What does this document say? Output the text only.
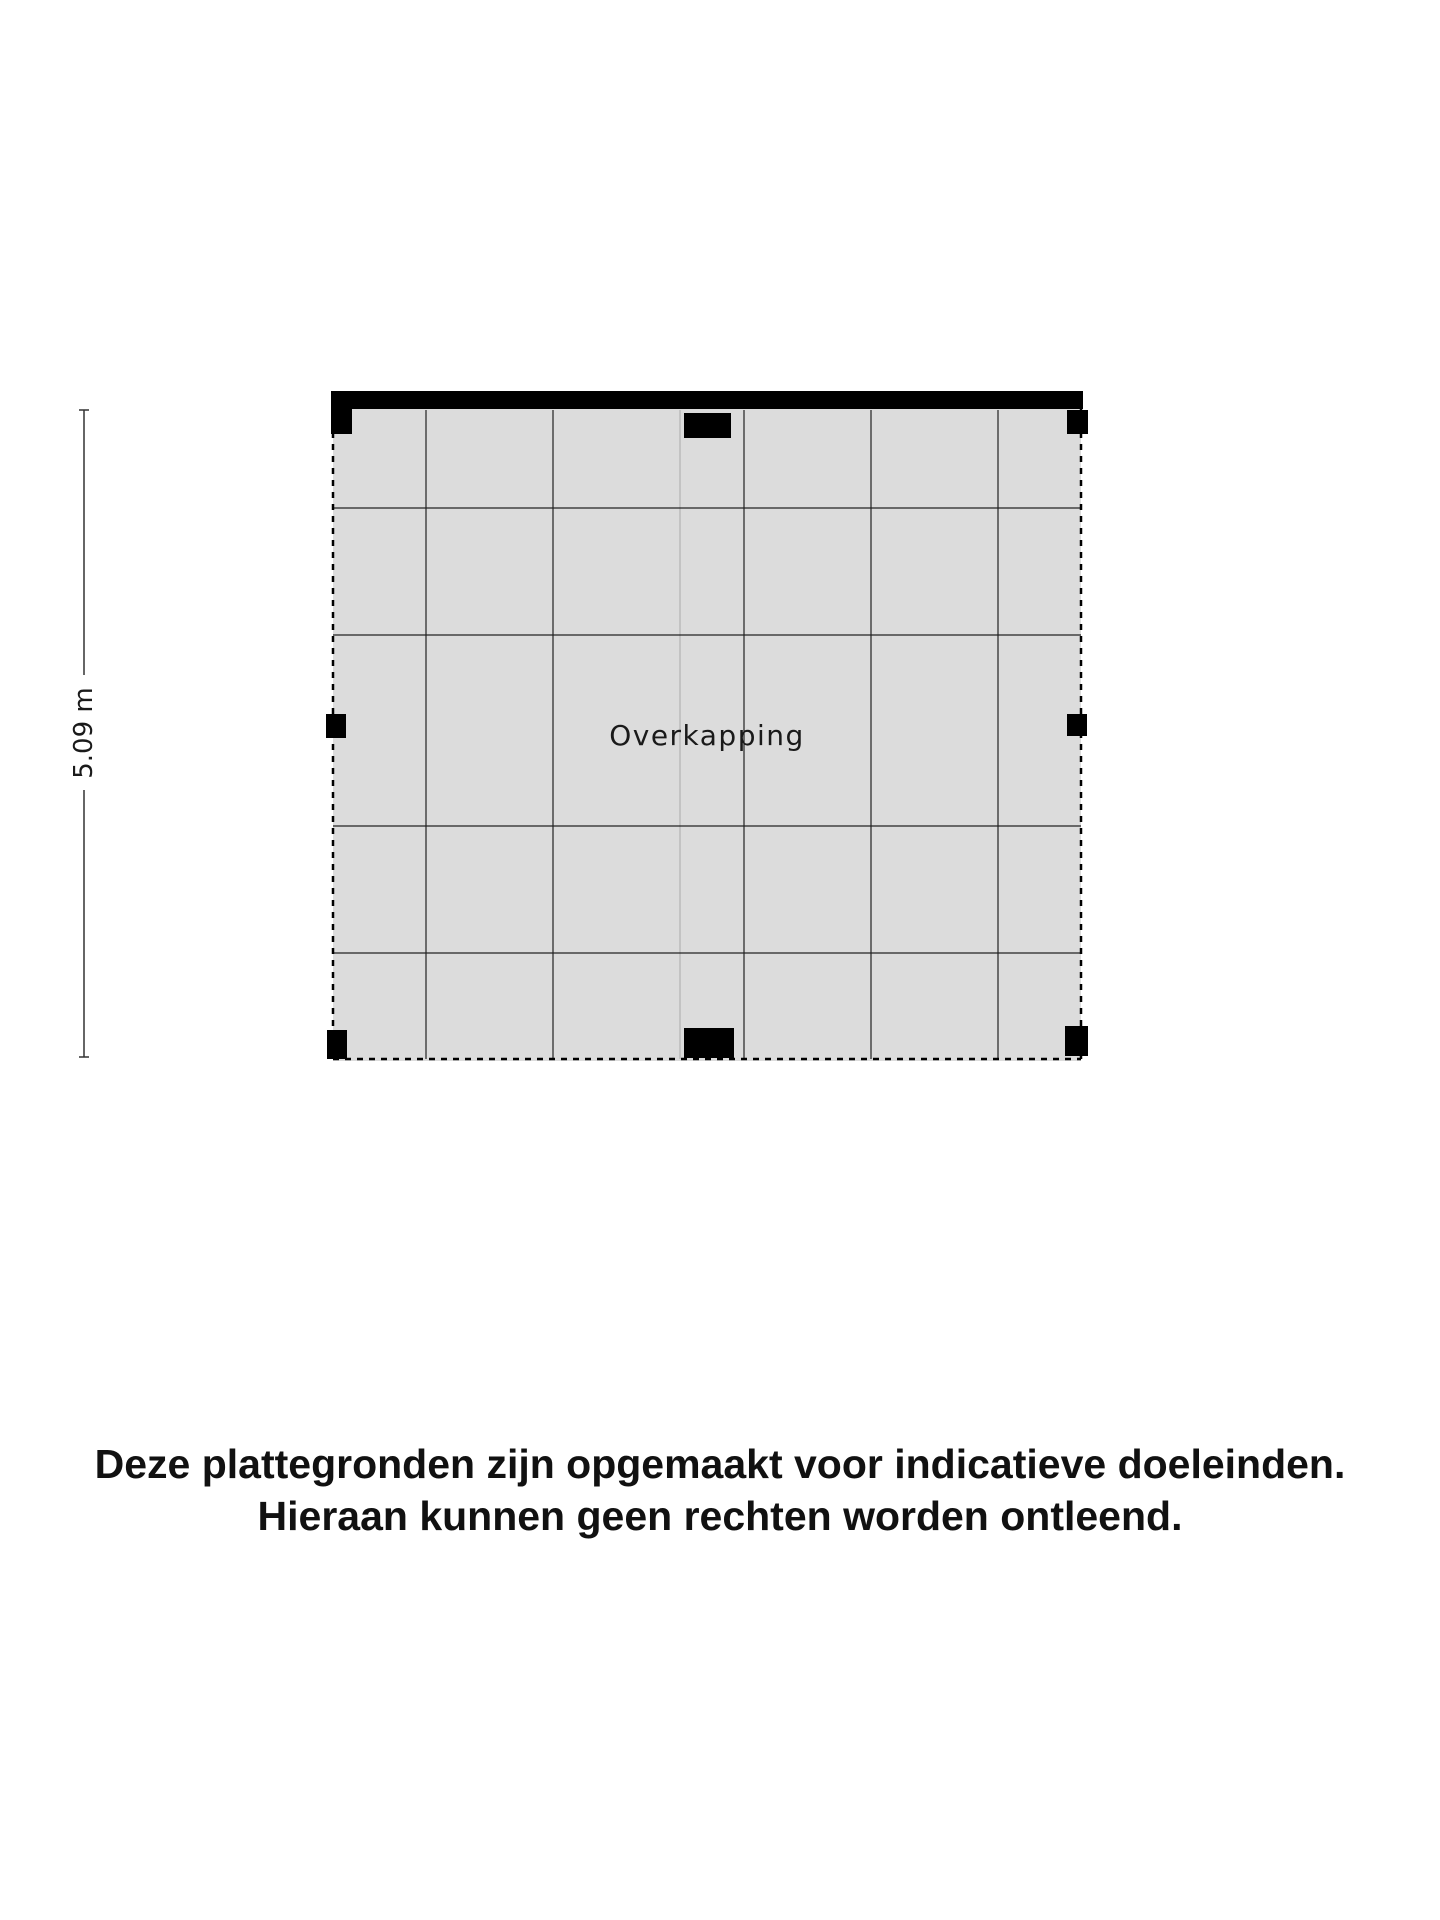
Overkapping
5.09 m
Deze plattegronden zijn opgemaakt voor indicatieve doeleinden.
Hieraan kunnen geen rechten worden ontleend.
